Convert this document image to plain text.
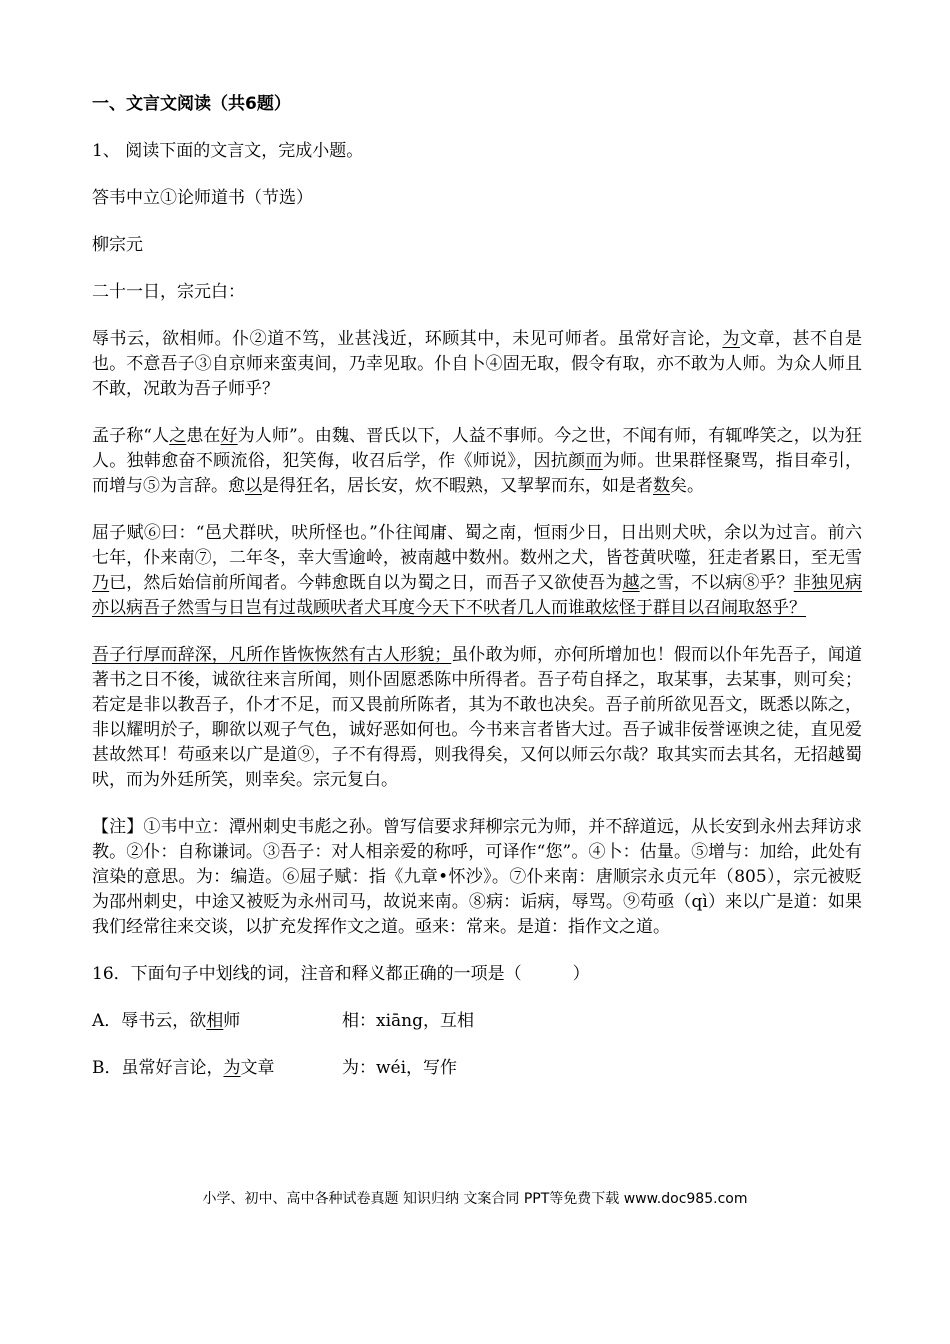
一、文言文阅读（共6题）

1、 阅读下面的文言文，完成小题。

答韦中立①论师道书（节选）

柳宗元

二十一日，宗元白：

辱书云，欲相师。仆②道不笃，业甚浅近，环顾其中，未见可师者。虽常好言论，为文章，甚不自是也。不意吾子③自京师来蛮夷间，乃幸见取。仆自卜④固无取，假令有取，亦不敢为人师。为众人师且不敢，况敢为吾子师乎？

孟子称“人之患在好为人师”。由魏、晋氏以下，人益不事师。今之世，不闻有师，有辄哗笑之，以为狂人。独韩愈奋不顾流俗，犯笑侮，收召后学，作《师说》，因抗颜而为师。世果群怪聚骂，指目牵引，而增与⑤为言辞。愈以是得狂名，居长安，炊不暇熟，又挈挈而东，如是者数矣。

屈子赋⑥曰：“邑犬群吠，吠所怪也。”仆往闻庸、蜀之南，恒雨少日，日出则犬吠，余以为过言。前六七年，仆来南⑦，二年冬，幸大雪逾岭，被南越中数州。数州之犬，皆苍黄吠噬，狂走者累日，至无雪乃已，然后始信前所闻者。今韩愈既自以为蜀之日，而吾子又欲使吾为越之雪，不以病⑧乎？非独见病亦以病吾子然雪与日岂有过哉顾吠者犬耳度今天下不吠者几人而谁敢炫怪于群目以召闹取怒乎？

吾子行厚而辞深，凡所作皆恢恢然有古人形貌；虽仆敢为师，亦何所增加也！假而以仆年先吾子，闻道著书之日不後，诚欲往来言所闻，则仆固愿悉陈中所得者。吾子苟自择之，取某事，去某事，则可矣；若定是非以教吾子，仆才不足，而又畏前所陈者，其为不敢也决矣。吾子前所欲见吾文，既悉以陈之，非以耀明於子，聊欲以观子气色，诚好恶如何也。今书来言者皆大过。吾子诚非佞誉诬谀之徒，直见爱甚故然耳！苟亟来以广是道⑨，子不有得焉，则我得矣，又何以师云尔哉？取其实而去其名，无招越蜀吠，而为外廷所笑，则幸矣。宗元复白。

【注】①韦中立：潭州刺史韦彪之孙。曾写信要求拜柳宗元为师，并不辞道远，从长安到永州去拜访求教。②仆：自称谦词。③吾子：对人相亲爱的称呼，可译作“您”。④卜：估量。⑤增与：加给，此处有渲染的意思。为：编造。⑥屈子赋：指《九章•怀沙》。⑦仆来南：唐顺宗永贞元年（805），宗元被贬为邵州刺史，中途又被贬为永州司马，故说来南。⑧病：诟病，辱骂。⑨苟亟（qì）来以广是道：如果我们经常往来交谈，以扩充发挥作文之道。亟来：常来。是道：指作文之道。

16．下面句子中划线的词，注音和释义都正确的一项是（　　　）

A．辱书云，欲相师	相：xiāng，互相
B．虽常好言论，为文章	为：wéi，写作
小学、初中、高中各种试卷真题 知识归纳 文案合同 PPT等免费下载 www.doc985.com
